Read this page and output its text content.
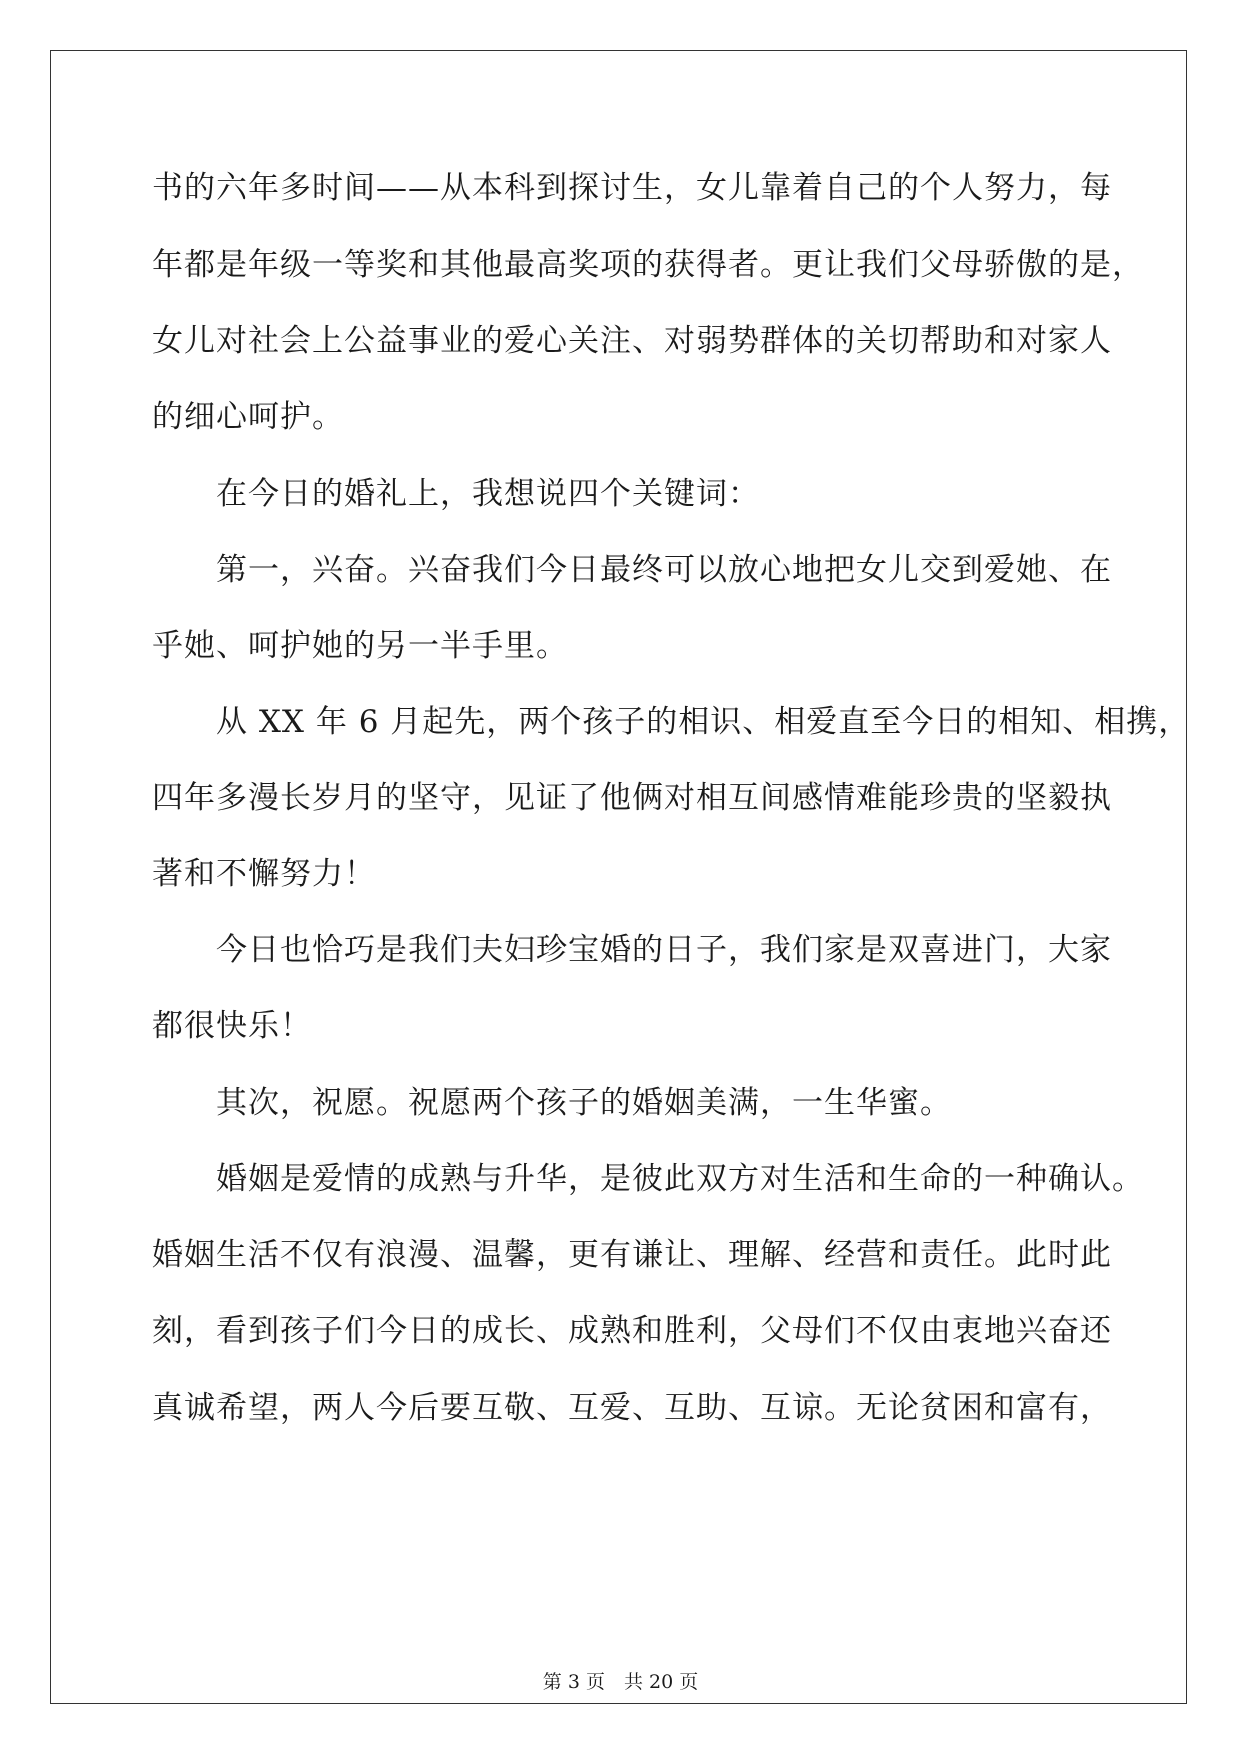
书的六年多时间——从本科到探讨生，女儿靠着自己的个人努力，每
年都是年级一等奖和其他最高奖项的获得者。更让我们父母骄傲的是，
女儿对社会上公益事业的爱心关注、对弱势群体的关切帮助和对家人
的细心呵护。
　　在今日的婚礼上，我想说四个关键词：
　　第一，兴奋。兴奋我们今日最终可以放心地把女儿交到爱她、在
乎她、呵护她的另一半手里。
　　从 XX 年 6 月起先，两个孩子的相识、相爱直至今日的相知、相携，
四年多漫长岁月的坚守，见证了他俩对相互间感情难能珍贵的坚毅执
著和不懈努力！
　　今日也恰巧是我们夫妇珍宝婚的日子，我们家是双喜进门，大家
都很快乐！
　　其次，祝愿。祝愿两个孩子的婚姻美满，一生华蜜。
　　婚姻是爱情的成熟与升华，是彼此双方对生活和生命的一种确认。
婚姻生活不仅有浪漫、温馨，更有谦让、理解、经营和责任。此时此
刻，看到孩子们今日的成长、成熟和胜利，父母们不仅由衷地兴奋还
真诚希望，两人今后要互敬、互爱、互助、互谅。无论贫困和富有，
第 3 页　共 20 页
